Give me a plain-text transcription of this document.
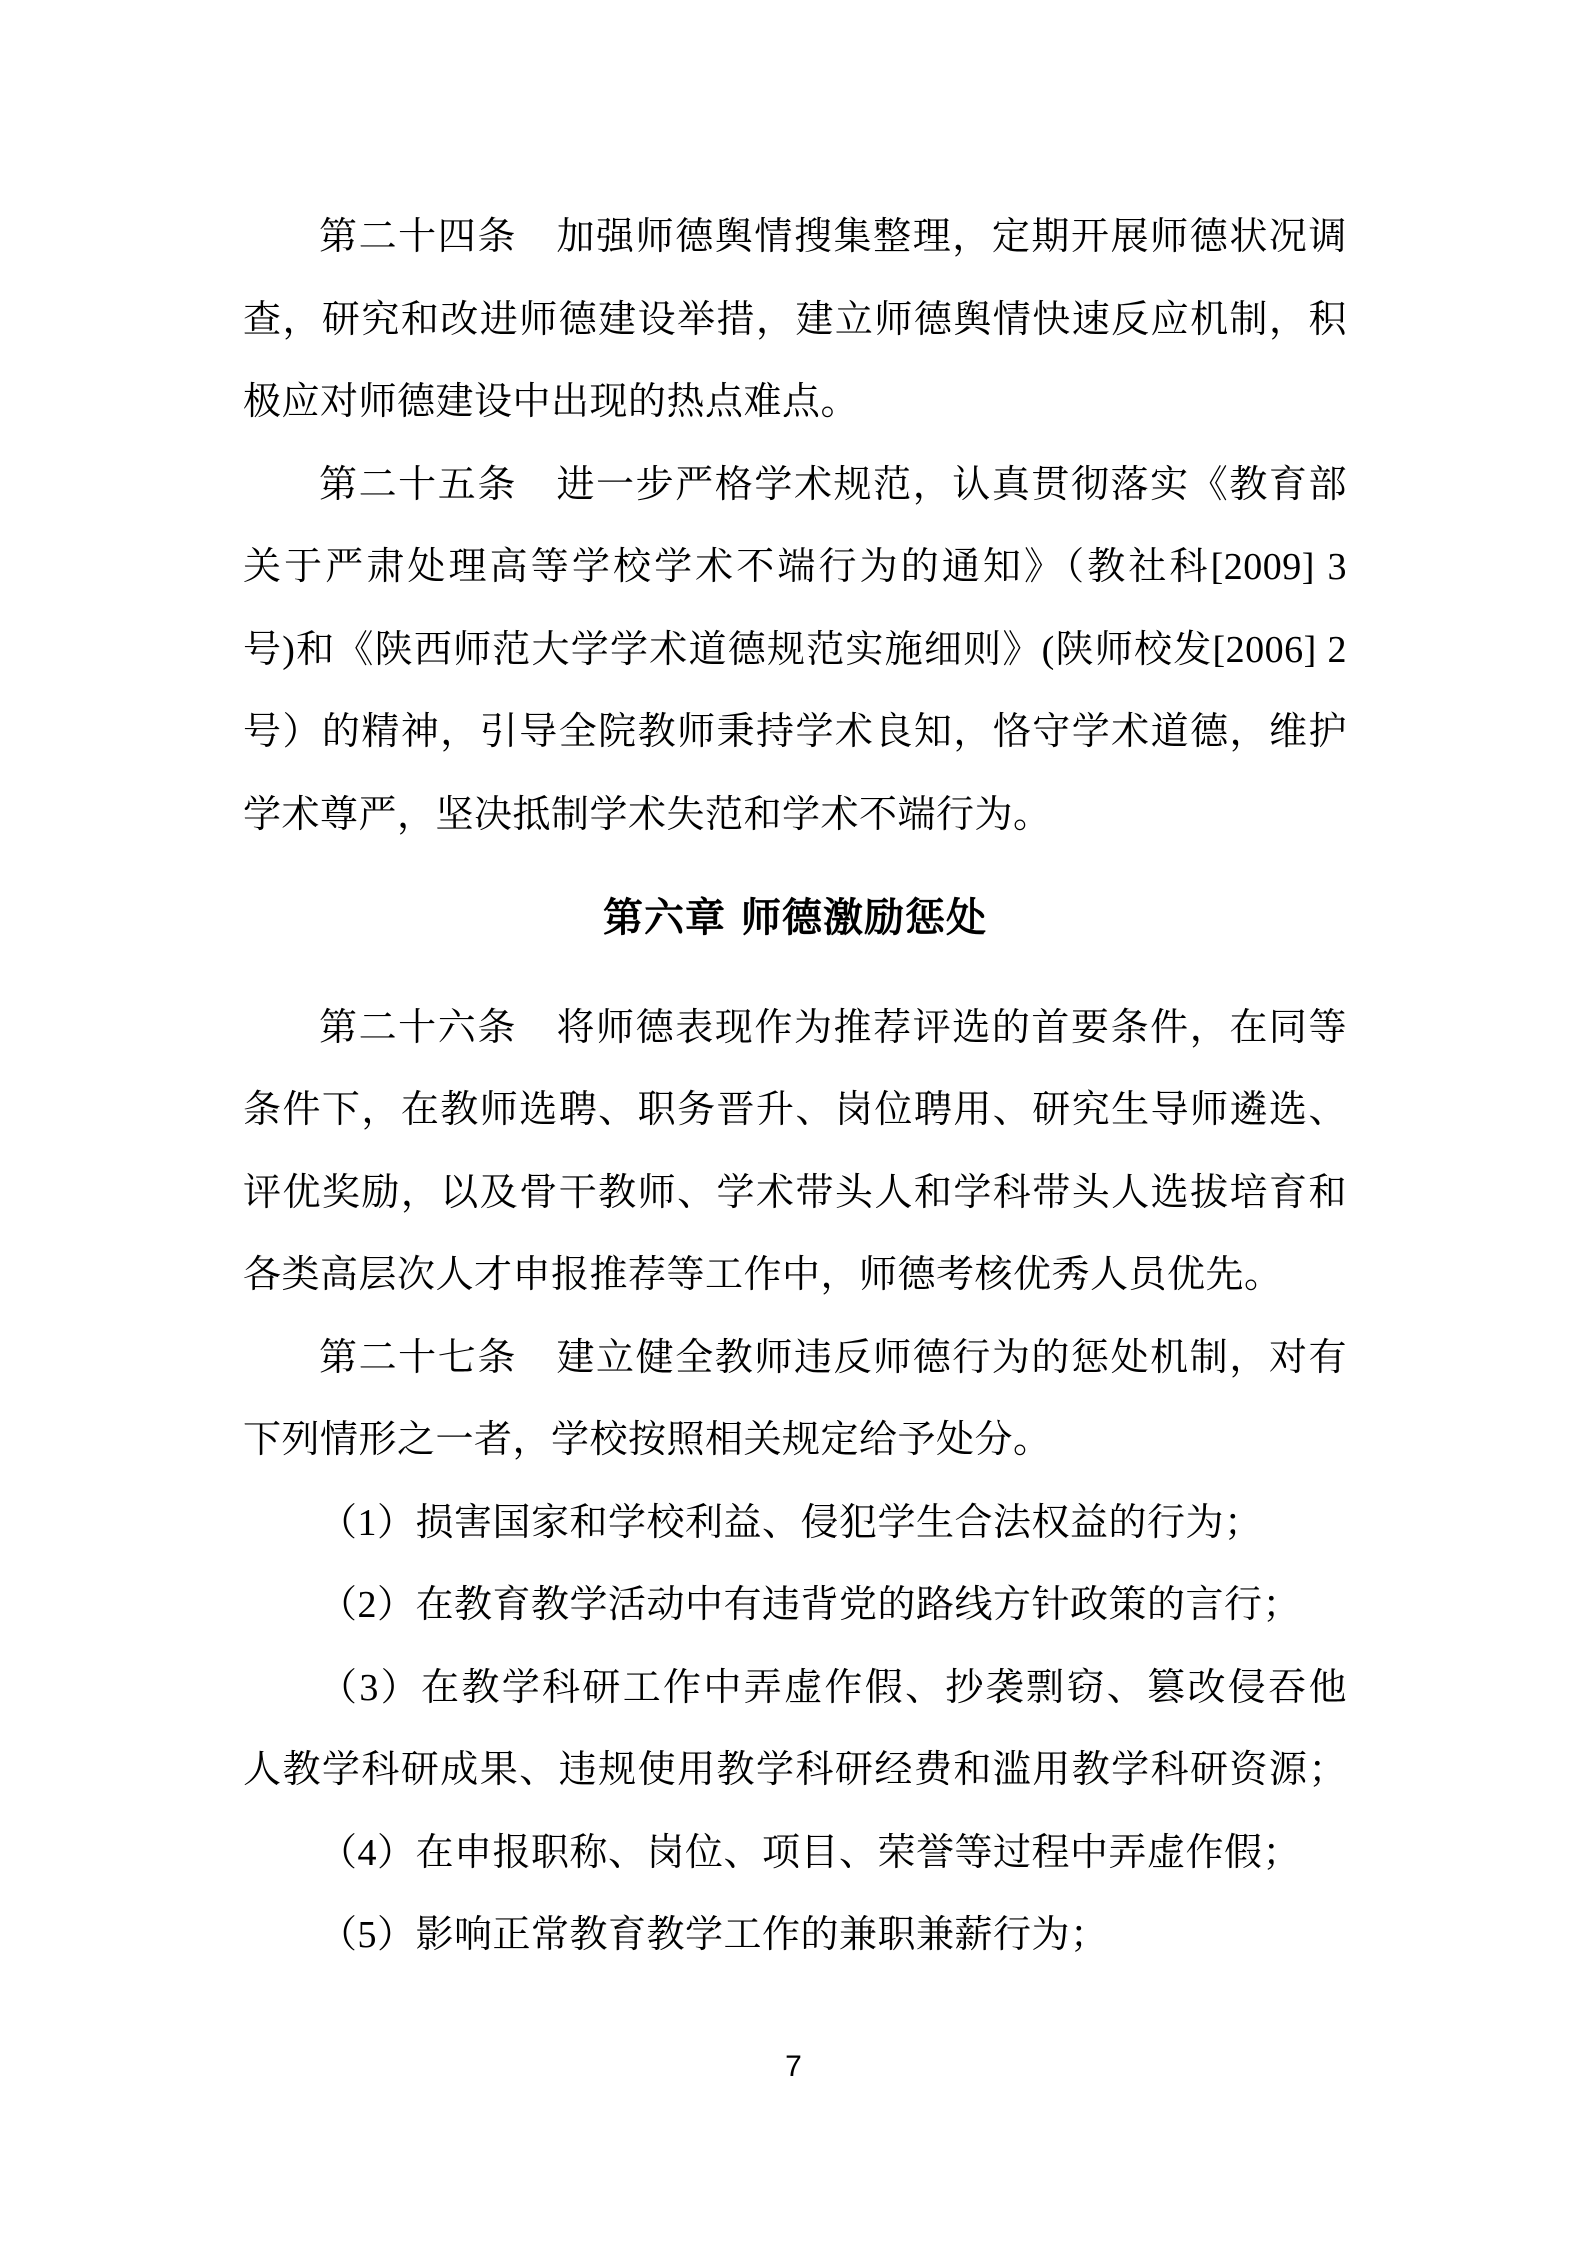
第二十四条　加强师德舆情搜集整理，定期开展师德状况调

查，研究和改进师德建设举措，建立师德舆情快速反应机制，积

极应对师德建设中出现的热点难点。

第二十五条　进一步严格学术规范，认真贯彻落实《教育部

关于严肃处理高等学校学术不端行为的通知》（教社科[2009] 3

号)和《陕西师范大学学术道德规范实施细则》(陕师校发[2006] 2

号）的精神，引导全院教师秉持学术良知，恪守学术道德，维护

学术尊严，坚决抵制学术失范和学术不端行为。

第六章 师德激励惩处

第二十六条　将师德表现作为推荐评选的首要条件，在同等

条件下，在教师选聘、职务晋升、岗位聘用、研究生导师遴选、

评优奖励，以及骨干教师、学术带头人和学科带头人选拔培育和

各类高层次人才申报推荐等工作中，师德考核优秀人员优先。

第二十七条　建立健全教师违反师德行为的惩处机制，对有

下列情形之一者，学校按照相关规定给予处分。

（1）损害国家和学校利益、侵犯学生合法权益的行为；

（2）在教育教学活动中有违背党的路线方针政策的言行；

（3）在教学科研工作中弄虚作假、抄袭剽窃、篡改侵吞他

人教学科研成果、违规使用教学科研经费和滥用教学科研资源；

（4）在申报职称、岗位、项目、荣誉等过程中弄虚作假；

（5）影响正常教育教学工作的兼职兼薪行为；

7
